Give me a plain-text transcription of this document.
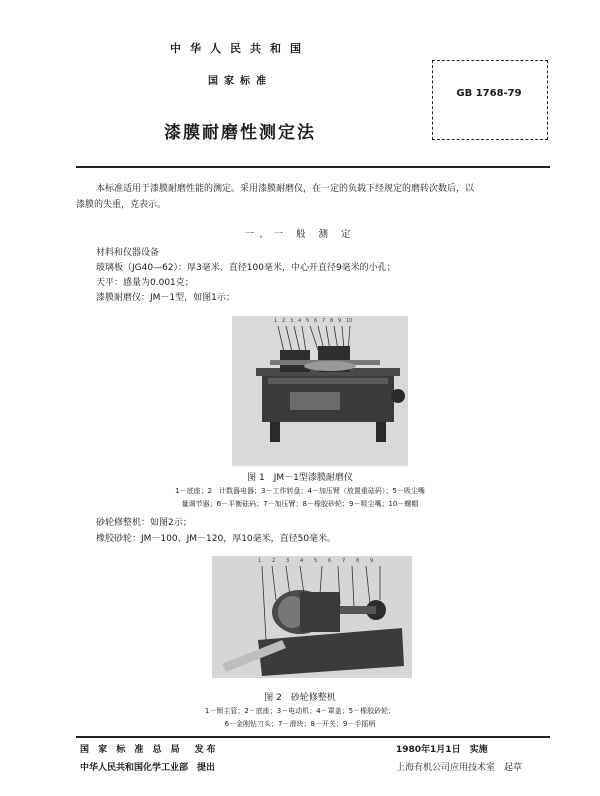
中华人民共和国
国家标准
漆膜耐磨性测定法
GB 1768-79
本标准适用于漆膜耐磨性能的测定。采用漆膜耐磨仪，在一定的负载下经规定的磨转次数后，以
漆膜的失重，克表示。
一、一 般 测 定
材料和仪器设备
玻璃板（JG40—62）：厚3毫米、直径100毫米，中心开直径9毫米的小孔；
天平：感量为0.001克；
漆膜耐磨仪：JM－1型，如图1示；
1 2 3 4 5 6 7 8 9 10
图 1　JM－1型漆膜耐磨仪
1－底座；2　计数器电器；3－工作转盘；4－加压臂（放置重砝码）；5－吸尘嘴
量调节器；6－平衡砝码；7－加压臂；8－橡胶砂轮；9－吸尘嘴；10－螺帽
砂轮修整机：如图2示；
橡胶砂轮：JM－100、JM－120，厚10毫米，直径50毫米。
1 2 3 4 5 6 7 8 9
图 2　砂轮修整机
1－锁主管；2－底座；3－电动机；4－罩盖；5－橡胶砂轮；
6－金刚钻刀头；7－滑块；8－开关；9－手摇柄
国 家 标 准 总 局　发布	1980年1月1日　实施
中华人民共和国化学工业部　提出	上海有机公司应用技术室　起草
